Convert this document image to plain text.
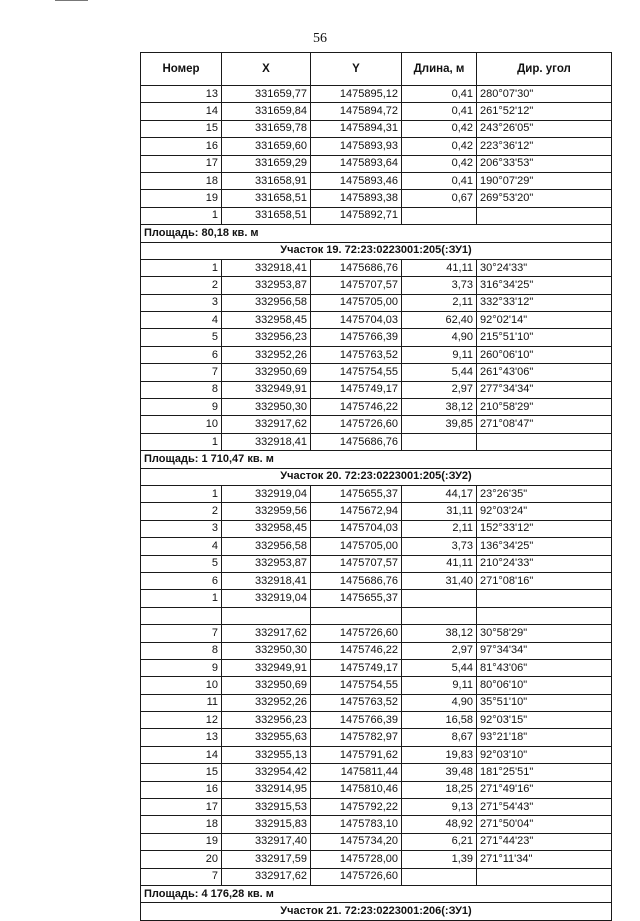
56
Номер	X	Y	Длина, м	Дир. угол
13	331659,77	1475895,12	0,41	280°07'30"
14	331659,84	1475894,72	0,41	261°52'12"
15	331659,78	1475894,31	0,42	243°26'05"
16	331659,60	1475893,93	0,42	223°36'12"
17	331659,29	1475893,64	0,42	206°33'53"
18	331658,91	1475893,46	0,41	190°07'29"
19	331658,51	1475893,38	0,67	269°53'20"
1	331658,51	1475892,71		
Площадь: 80,18 кв. м				
Участок 19. 72:23:0223001:205(:ЗУ1)				
1	332918,41	1475686,76	41,11	30°24'33"
2	332953,87	1475707,57	3,73	316°34'25"
3	332956,58	1475705,00	2,11	332°33'12"
4	332958,45	1475704,03	62,40	92°02'14"
5	332956,23	1475766,39	4,90	215°51'10"
6	332952,26	1475763,52	9,11	260°06'10"
7	332950,69	1475754,55	5,44	261°43'06"
8	332949,91	1475749,17	2,97	277°34'34"
9	332950,30	1475746,22	38,12	210°58'29"
10	332917,62	1475726,60	39,85	271°08'47"
1	332918,41	1475686,76		
Площадь: 1 710,47 кв. м				
Участок 20. 72:23:0223001:205(:ЗУ2)				
1	332919,04	1475655,37	44,17	23°26'35"
2	332959,56	1475672,94	31,11	92°03'24"
3	332958,45	1475704,03	2,11	152°33'12"
4	332956,58	1475705,00	3,73	136°34'25"
5	332953,87	1475707,57	41,11	210°24'33"
6	332918,41	1475686,76	31,40	271°08'16"
1	332919,04	1475655,37		

7	332917,62	1475726,60	38,12	30°58'29"
8	332950,30	1475746,22	2,97	97°34'34"
9	332949,91	1475749,17	5,44	81°43'06"
10	332950,69	1475754,55	9,11	80°06'10"
11	332952,26	1475763,52	4,90	35°51'10"
12	332956,23	1475766,39	16,58	92°03'15"
13	332955,63	1475782,97	8,67	93°21'18"
14	332955,13	1475791,62	19,83	92°03'10"
15	332954,42	1475811,44	39,48	181°25'51"
16	332914,95	1475810,46	18,25	271°49'16"
17	332915,53	1475792,22	9,13	271°54'43"
18	332915,83	1475783,10	48,92	271°50'04"
19	332917,40	1475734,20	6,21	271°44'23"
20	332917,59	1475728,00	1,39	271°11'34"
7	332917,62	1475726,60		
Площадь: 4 176,28 кв. м				
Участок 21. 72:23:0223001:206(:ЗУ1)				
